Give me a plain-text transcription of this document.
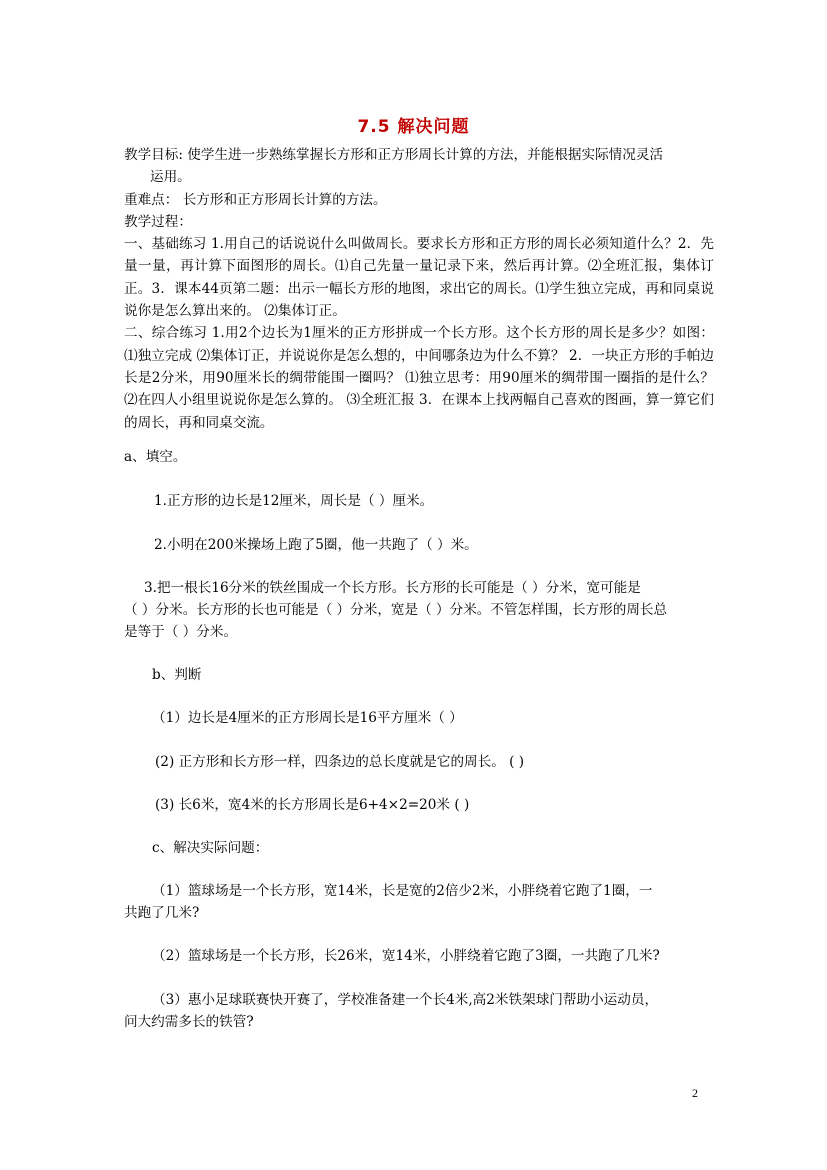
7.5 解决问题

教学目标: 使学生进一步熟练掌握长方形和正方形周长计算的方法，并能根据实际情况灵活

运用。

重难点： 长方形和正方形周长计算的方法。

教学过程：

一、基础练习 1.用自己的话说说什么叫做周长。要求长方形和正方形的周长必须知道什么？2．先量一量，再计算下面图形的周长。⑴自己先量一量记录下来，然后再计算。⑵全班汇报，集体订正。3．课本44页第二题：出示一幅长方形的地图，求出它的周长。⑴学生独立完成，再和同桌说说你是怎么算出来的。 ⑵集体订正。

二、综合练习 1.用2个边长为1厘米的正方形拼成一个长方形。这个长方形的周长是多少？如图： ⑴独立完成 ⑵集体订正，并说说你是怎么想的，中间哪条边为什么不算？ 2．一块正方形的手帕边长是2分米，用90厘米长的绸带能围一圈吗？ ⑴独立思考：用90厘米的绸带围一圈指的是什么？ ⑵在四人小组里说说你是怎么算的。 ⑶全班汇报 3．在课本上找两幅自己喜欢的图画，算一算它们的周长，再和同桌交流。

a、填空。

1.正方形的边长是12厘米，周长是（ ）厘米。

2.小明在200米操场上跑了5圈，他一共跑了（ ）米。

3.把一根长16分米的铁丝围成一个长方形。长方形的长可能是（ ）分米，宽可能是

（ ）分米。长方形的长也可能是（ ）分米，宽是（ ）分米。不管怎样围，长方形的周长总

是等于（ ）分米。

b、判断

（1）边长是4厘米的正方形周长是16平方厘米（ ）

(2) 正方形和长方形一样，四条边的总长度就是它的周长。 ( )

(3) 长6米，宽4米的长方形周长是6+4×2=20米 ( )

c、解决实际问题：

（1）篮球场是一个长方形，宽14米，长是宽的2倍少2米，小胖绕着它跑了1圈，一

共跑了几米?

（2）篮球场是一个长方形，长26米，宽14米，小胖绕着它跑了3圈，一共跑了几米?

（3）惠小足球联赛快开赛了，学校准备建一个长4米,高2米铁架球门帮助小运动员，

问大约需多长的铁管?

2
